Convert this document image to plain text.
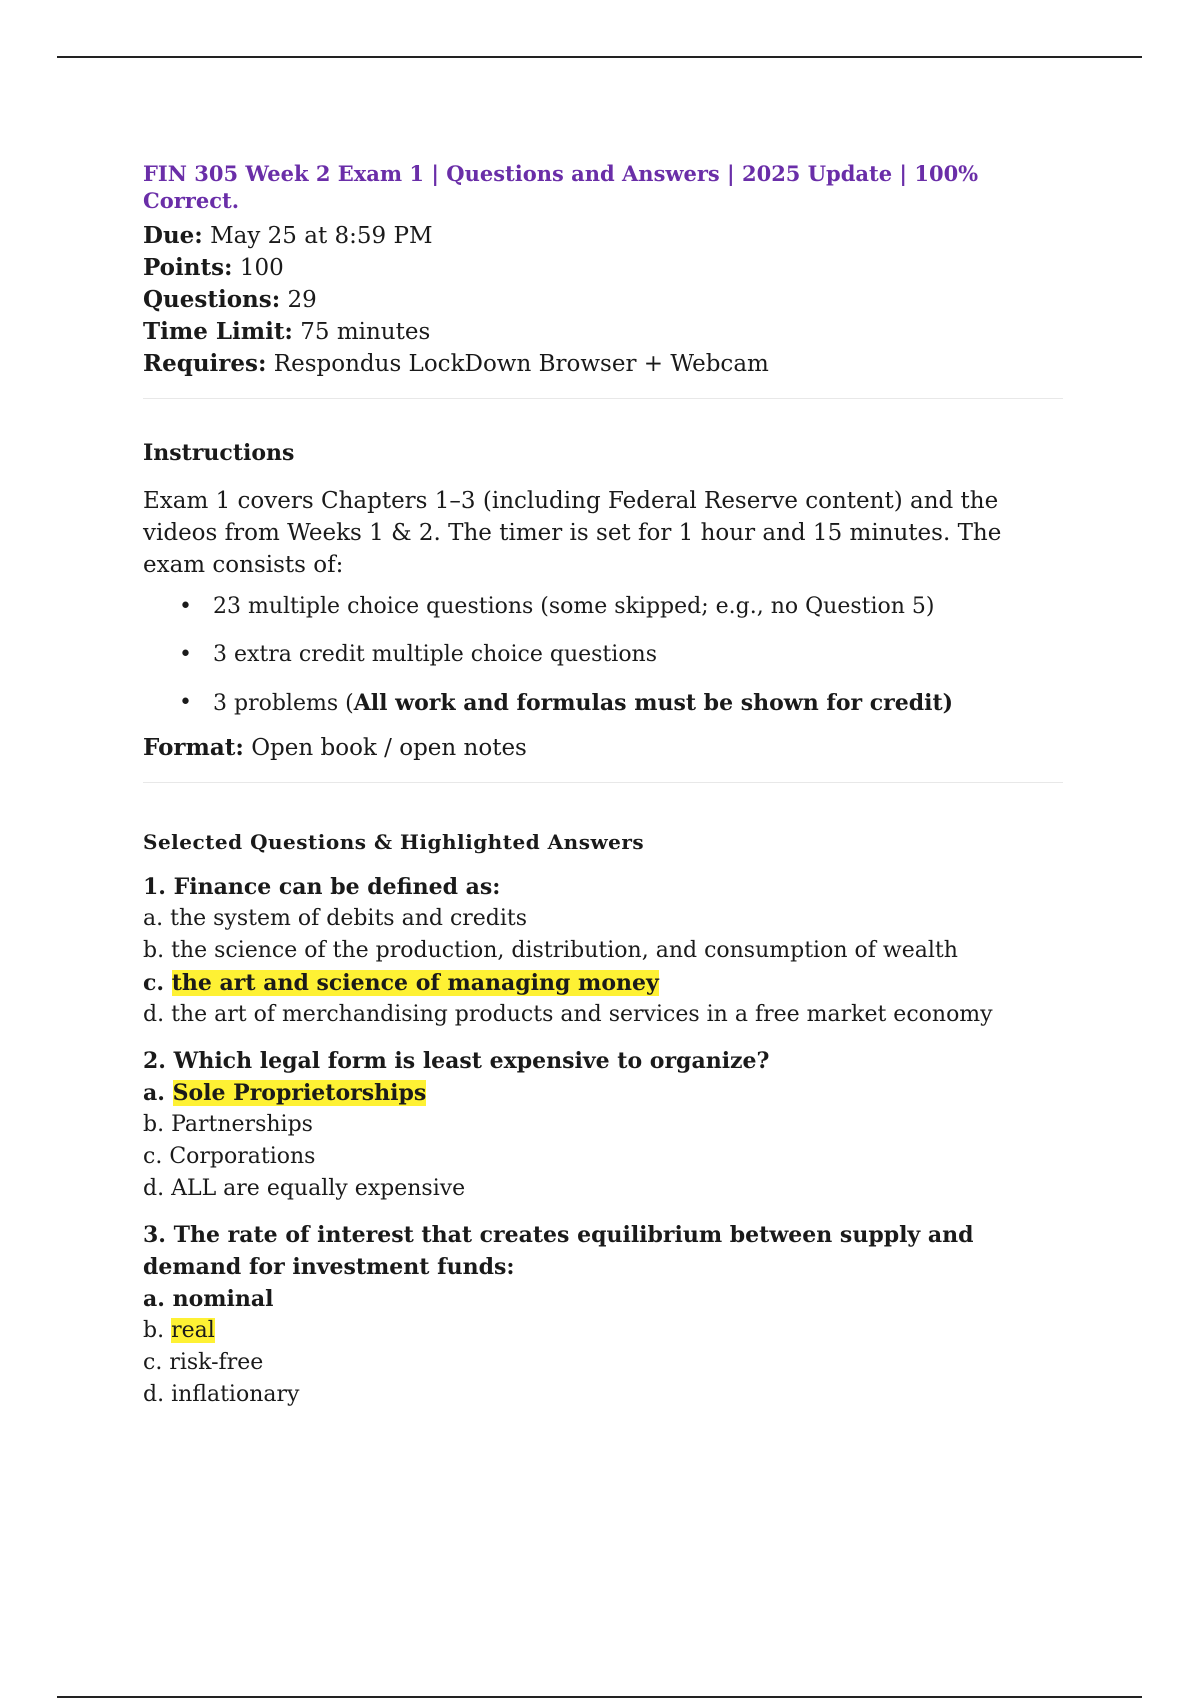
FIN 305 Week 2 Exam 1 | Questions and Answers | 2025 Update | 100% Correct.
Due: May 25 at 8:59 PM
Points: 100
Questions: 29
Time Limit: 75 minutes
Requires: Respondus LockDown Browser + Webcam
Instructions
Exam 1 covers Chapters 1–3 (including Federal Reserve content) and the videos from Weeks 1 & 2. The timer is set for 1 hour and 15 minutes. The exam consists of:
• 23 multiple choice questions (some skipped; e.g., no Question 5)
• 3 extra credit multiple choice questions
• 3 problems (All work and formulas must be shown for credit)
Format: Open book / open notes
Selected Questions & Highlighted Answers
1. Finance can be defined as:
a. the system of debits and credits
b. the science of the production, distribution, and consumption of wealth
c. the art and science of managing money
d. the art of merchandising products and services in a free market economy
2. Which legal form is least expensive to organize?
a. Sole Proprietorships
b. Partnerships
c. Corporations
d. ALL are equally expensive
3. The rate of interest that creates equilibrium between supply and demand for investment funds:
a. nominal
b. real
c. risk-free
d. inflationary
